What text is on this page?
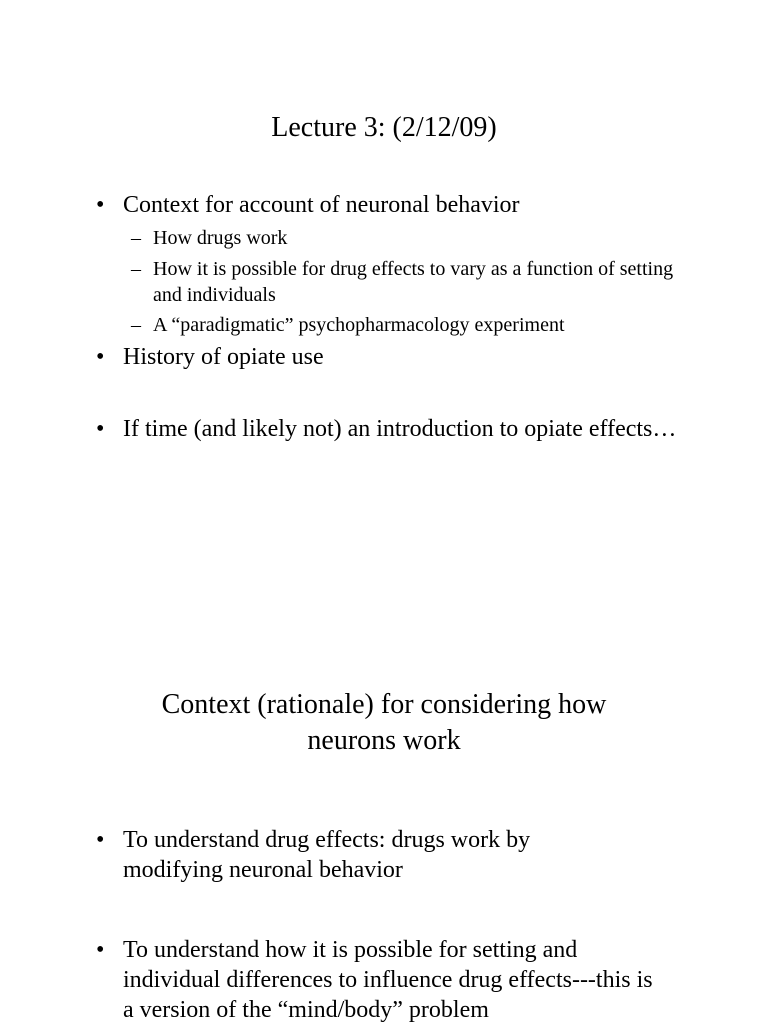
Lecture 3: (2/12/09)
• Context for account of neuronal behavior
– How drugs work
– How it is possible for drug effects to vary as a function of setting and individuals
– A “paradigmatic” psychopharmacology experiment
• History of opiate use
• If time (and likely not) an introduction to opiate effects…
Context (rationale) for considering how neurons work
• To understand drug effects: drugs work by modifying neuronal behavior
• To understand how it is possible for setting and individual differences to influence drug effects---this is a version of the “mind/body” problem
